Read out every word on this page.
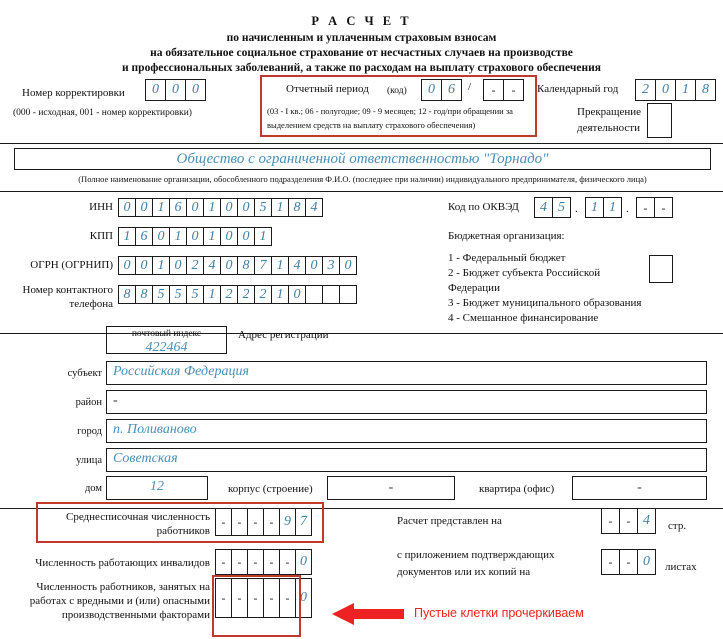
Р А С Ч Е Т
по начисленным и уплаченным страховым взносам
на обязательное социальное страхование от несчастных случаев на производстве
и профессиональных заболеваний, а также по расходам на выплату страхового обеспечения
Номер корректировки	0 0 0
(000 - исходная, 001 - номер корректировки)
Отчетный период (код)	0 6	/	-	-
(03 - I кв.; 06 - полугодие; 09 - 9 месяцев; 12 - год/при обращении за
выделением средств на выплату страхового обеспечения)
Календарный год	2 0 1 8
Прекращение
деятельности
Общество с ограниченной ответственностью "Торнадо"
(Полное наименование организации, обособленного подразделения Ф.И.О. (последнее при наличии) индивидуального предпринимателя, физического лица)
ИНН 0 0 1 6 0 1 0 0 5 1 8 4
КПП 1 6 0 1 0 1 0 0 1
ОГРН (ОГРНИП) 0 0 1 0 2 4 0 8 7 1 4 0 3 0
Номер контактного
телефона
8 8 5 5 5 1 2 2 2 1 0
Код по ОКВЭД	4 5 . 1 1 .	-	-
Бюджетная организация:
1 - Федеральный бюджет
2 - Бюджет субъекта Российской
Федерации
3 - Бюджет муниципального образования
4 - Смешанное финансирование
почтовый индекс
422464
Адрес регистрации
субъект Российская Федерация
район -
город п. Поливаново
улица Советская
дом	12	корпус (строение)	-	квартира (офис)	-
Среднесписочная численность
работников
-	-	-	- 9 7
Численность работающих инвалидов -	-	-	-	- 0
Численность работников, занятых на
работах с вредными и (или) опасными
производственными факторами
-	-	-	-	- 0
Расчет представлен на	-	- 4	стр.
с приложением подтверждающих
документов или их копий на
-	- 0	листах
Пустые клетки прочеркиваем
